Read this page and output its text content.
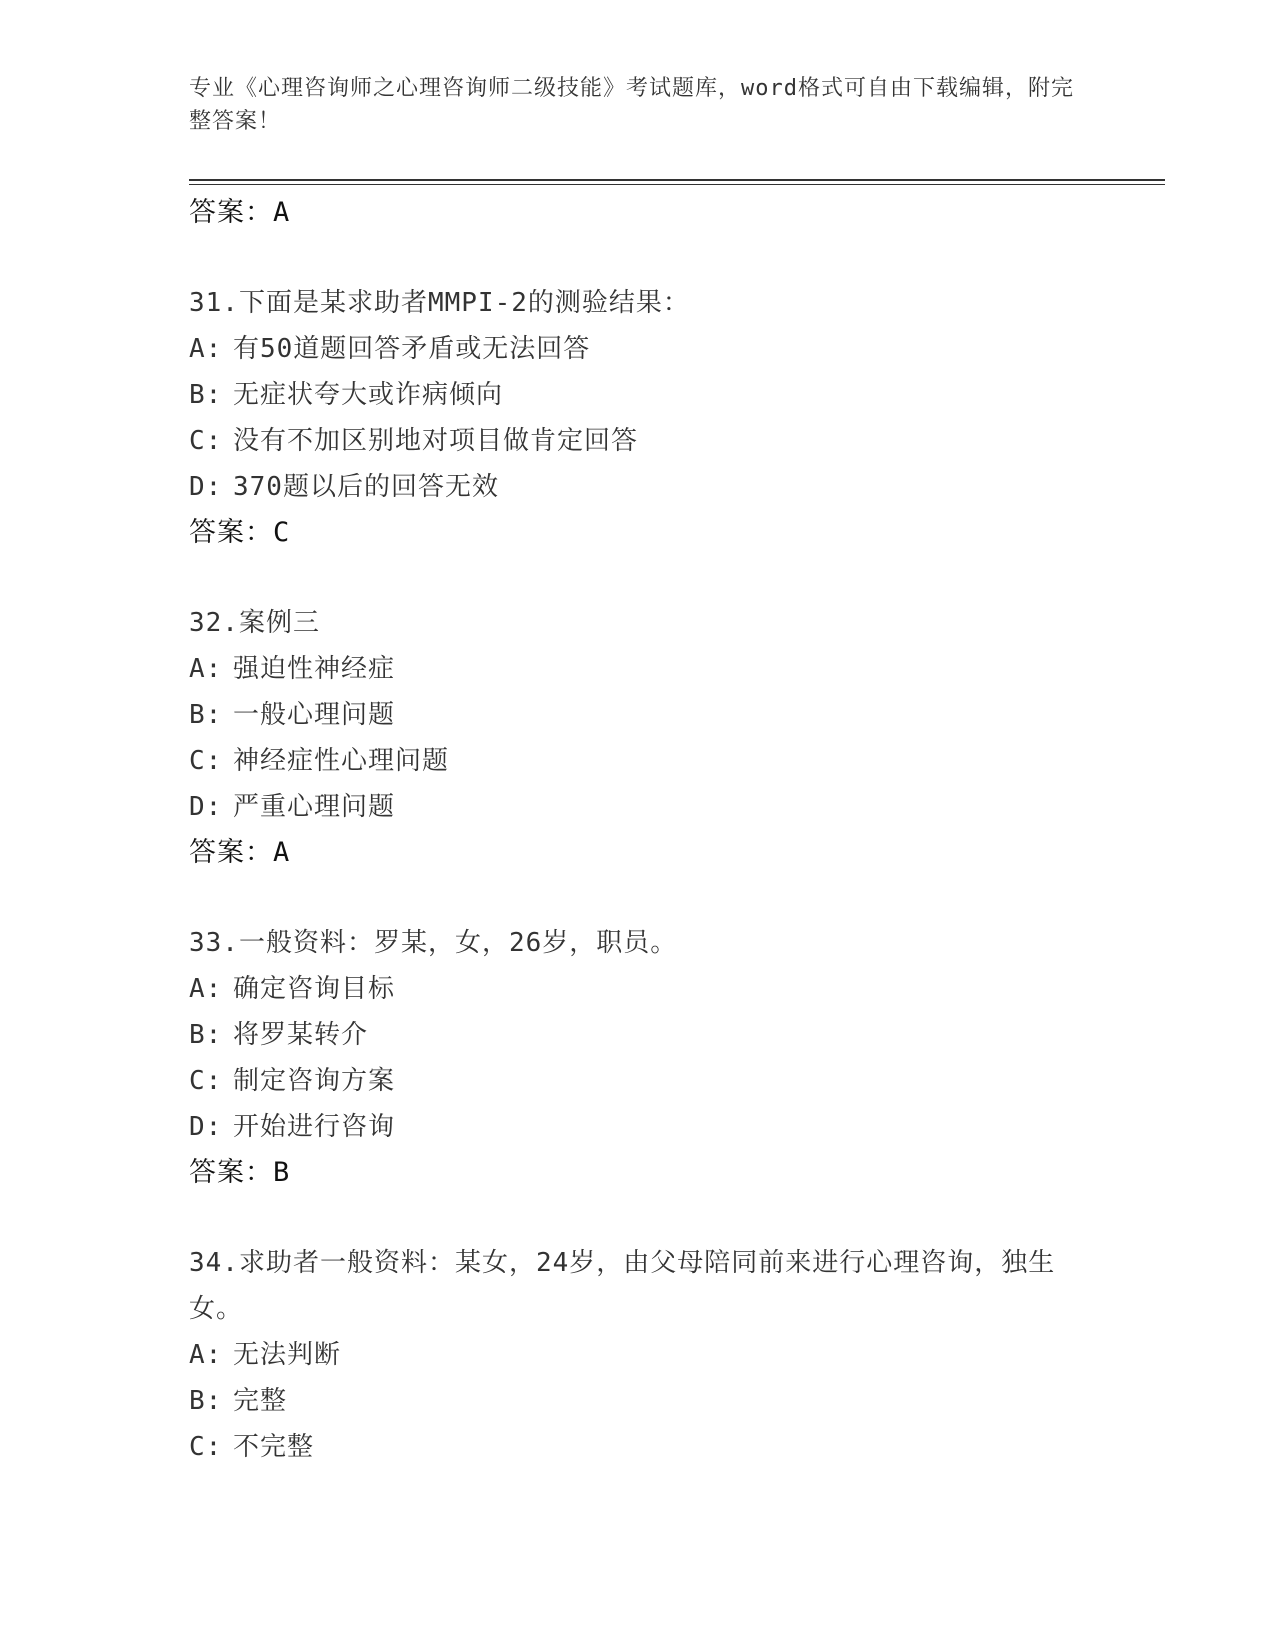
专业《心理咨询师之心理咨询师二级技能》考试题库，word格式可自由下载编辑，附完整答案！
答案：A

31.下面是某求助者MMPI-2的测验结果：

A: 有50道题回答矛盾或无法回答
B: 无症状夸大或诈病倾向
C: 没有不加区别地对项目做肯定回答
D: 370题以后的回答无效
答案：C

32.案例三

A: 强迫性神经症
B: 一般心理问题
C: 神经症性心理问题
D: 严重心理问题
答案：A

33.一般资料：罗某，女，26岁，职员。

A: 确定咨询目标
B: 将罗某转介
C: 制定咨询方案
D: 开始进行咨询
答案：B

34.求助者一般资料：某女，24岁，由父母陪同前来进行心理咨询，独生女。

A: 无法判断
B: 完整
C: 不完整
